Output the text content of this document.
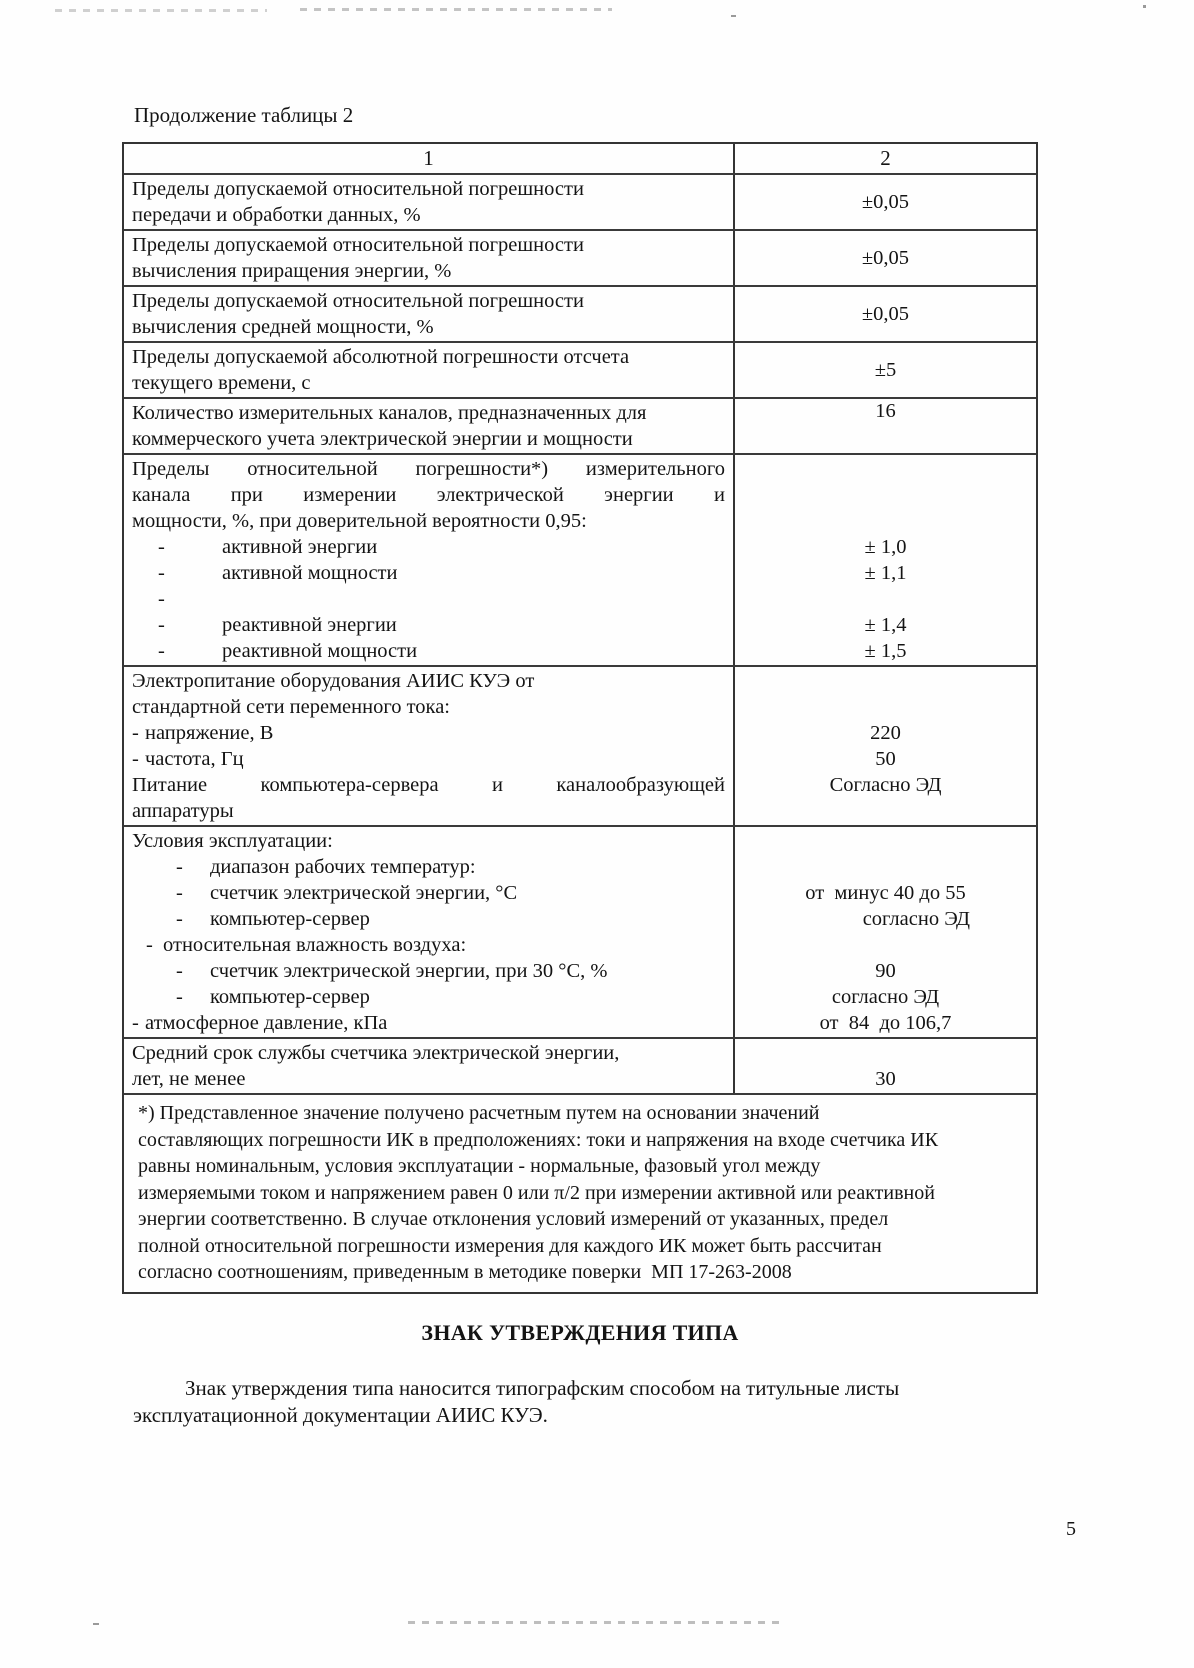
Продолжение таблицы 2
1	2
Пределы допускаемой относительной погрешности
передачи и обработки данных, %
±0,05
Пределы допускаемой относительной погрешности
вычисления приращения энергии, %
±0,05
Пределы допускаемой относительной погрешности
вычисления средней мощности, %
±0,05
Пределы допускаемой абсолютной погрешности отсчета
текущего времени, с
±5
Количество измерительных каналов, предназначенных для
коммерческого учета электрической энергии и мощности
16
Пределы относительной погрешности*) измерительного
канала при измерении электрической энергии и
мощности, %, при доверительной вероятности 0,95:
- активной энергии
- активной мощности
-
- реактивной энергии
- реактивной мощности
± 1,0
± 1,1
± 1,4
± 1,5
Электропитание оборудования АИИС КУЭ от
стандартной сети переменного тока:
- напряжение, В
- частота, Гц
Питание компьютера-сервера и каналообразующей
аппаратуры
220
50
Согласно ЭД
Условия эксплуатации:
- диапазон рабочих температур:
- счетчик электрической энергии, °С
- компьютер-сервер
- относительная влажность воздуха:
- счетчик электрической энергии, при 30 °С, %
- компьютер-сервер
- атмосферное давление, кПа
от  минус 40 до 55
согласно ЭД
90
согласно ЭД
от  84  до 106,7
Средний срок службы счетчика электрической энергии,
лет, не менее	30
*) Представленное значение получено расчетным путем на основании значений
составляющих погрешности ИК в предположениях: токи и напряжения на входе счетчика ИК
равны номинальным, условия эксплуатации - нормальные, фазовый угол между
измеряемыми током и напряжением равен 0 или π/2 при измерении активной или реактивной
энергии соответственно. В случае отклонения условий измерений от указанных, предел
полной относительной погрешности измерения для каждого ИК может быть рассчитан
согласно соотношениям, приведенным в методике поверки  МП 17-263-2008
ЗНАК УТВЕРЖДЕНИЯ ТИПА
Знак утверждения типа наносится типографским способом на титульные листы
эксплуатационной документации АИИС КУЭ.
5
